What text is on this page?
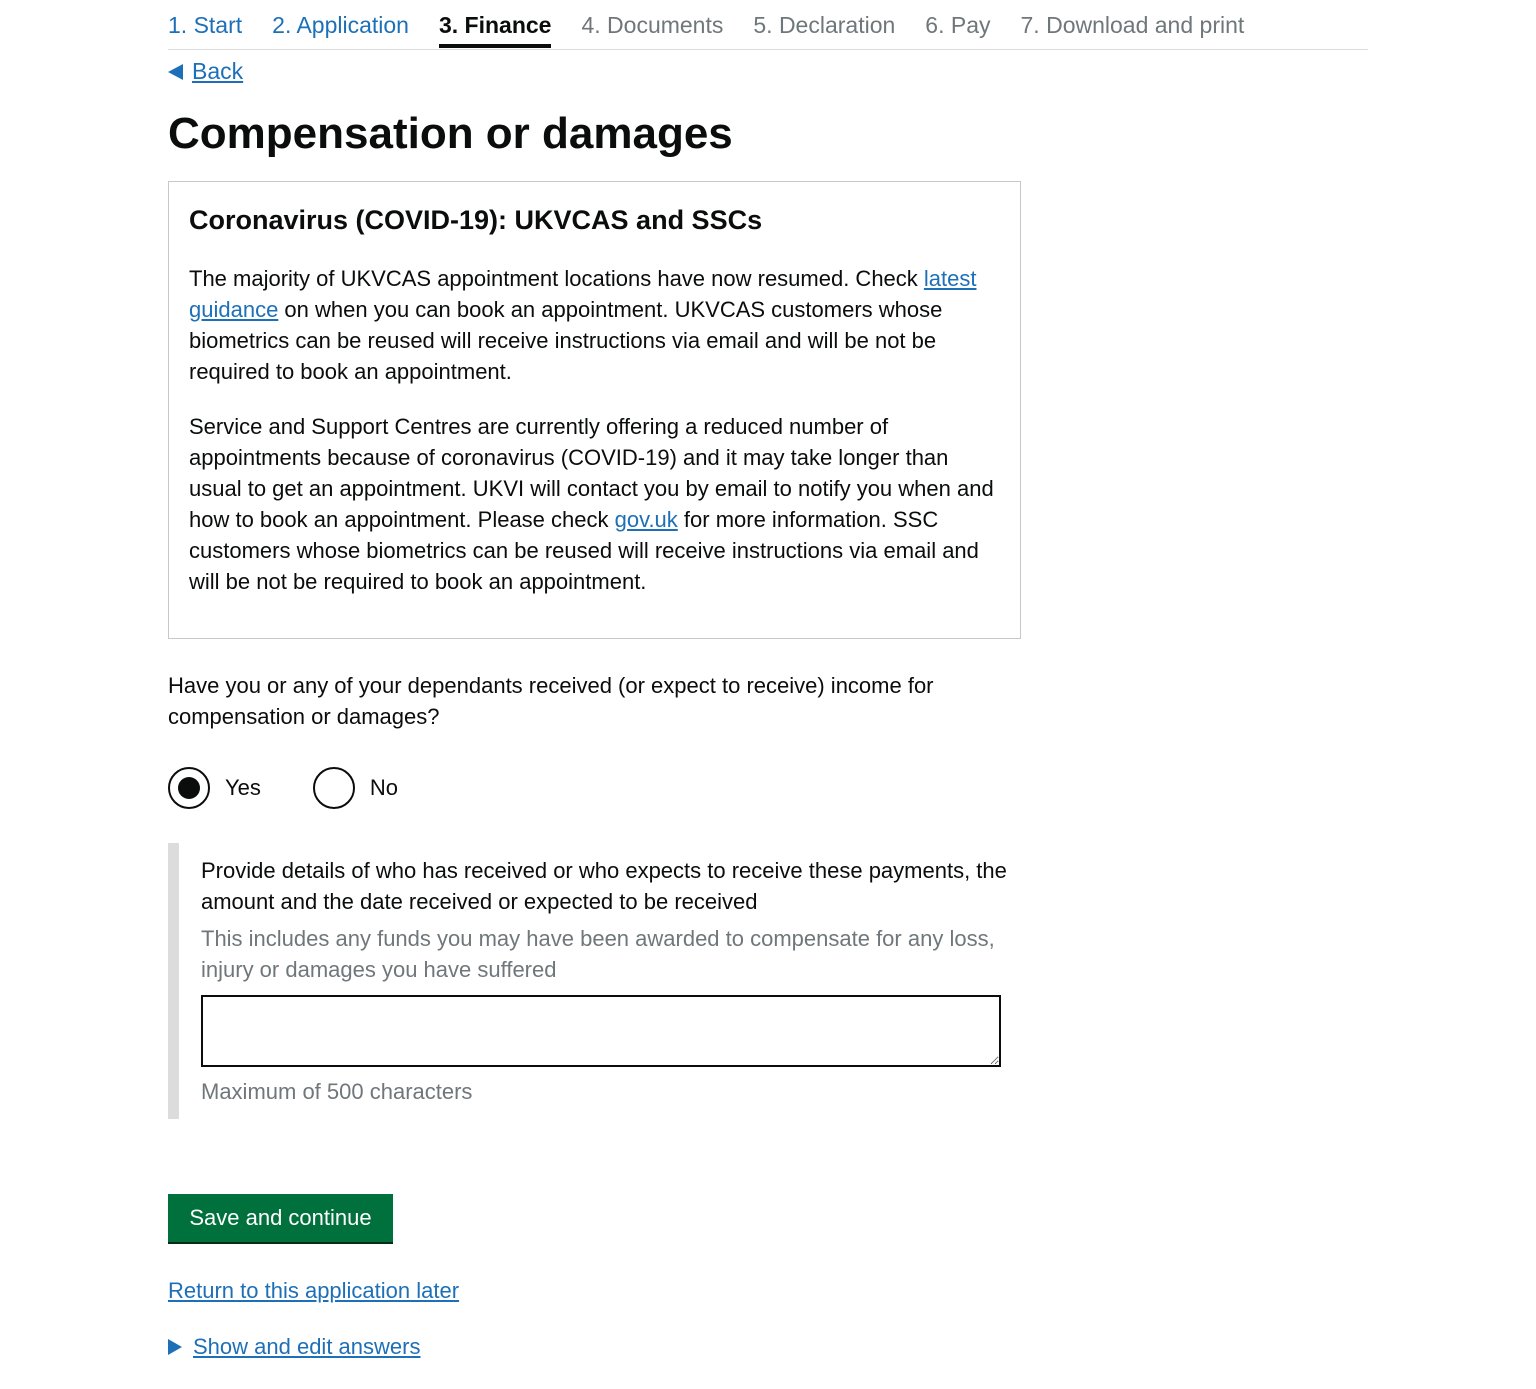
1. Start 2. Application 3. Finance 4. Documents 5. Declaration 6. Pay 7. Download and print
Back
Compensation or damages
Coronavirus (COVID-19): UKVCAS and SSCs

The majority of UKVCAS appointment locations have now resumed. Check latest guidance on when you can book an appointment. UKVCAS customers whose biometrics can be reused will receive instructions via email and will be not be required to book an appointment.

Service and Support Centres are currently offering a reduced number of appointments because of coronavirus (COVID-19) and it may take longer than usual to get an appointment. UKVI will contact you by email to notify you when and how to book an appointment. Please check gov.uk for more information. SSC customers whose biometrics can be reused will receive instructions via email and will be not be required to book an appointment.

Have you or any of your dependants received (or expect to receive) income for compensation or damages?
Yes	No
Provide details of who has received or who expects to receive these payments, the amount and the date received or expected to be received
This includes any funds you may have been awarded to compensate for any loss, injury or damages you have suffered
Maximum of 500 characters
Save and continue
Return to this application later
Show and edit answers
